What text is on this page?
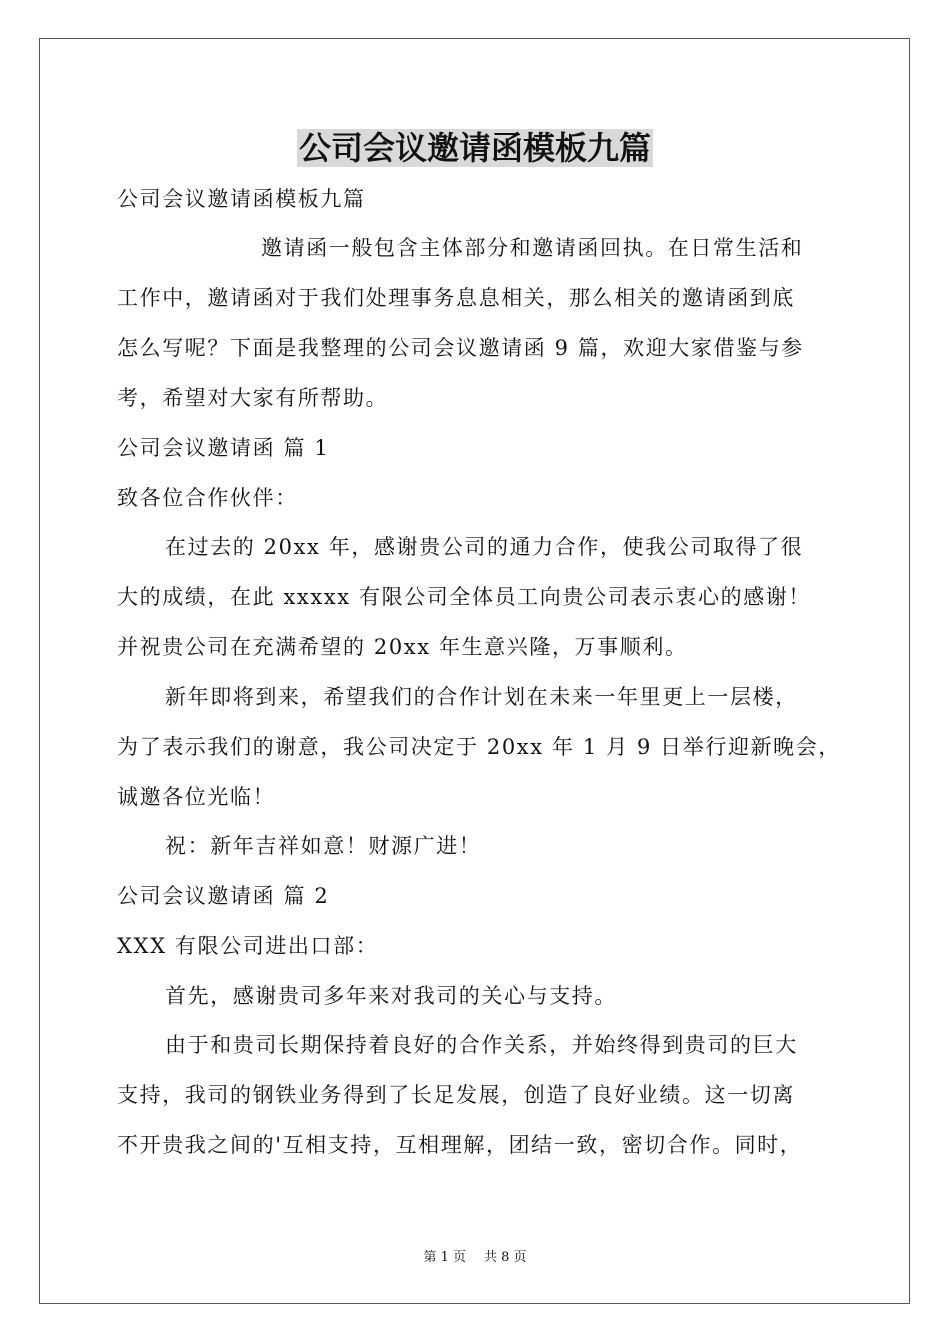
公司会议邀请函模板九篇
公司会议邀请函模板九篇
邀请函一般包含主体部分和邀请函回执。在日常生活和
工作中，邀请函对于我们处理事务息息相关，那么相关的邀请函到底
怎么写呢？下面是我整理的公司会议邀请函 9 篇，欢迎大家借鉴与参
考，希望对大家有所帮助。
公司会议邀请函 篇 1
致各位合作伙伴：
在过去的 20xx 年，感谢贵公司的通力合作，使我公司取得了很
大的成绩，在此 xxxxx 有限公司全体员工向贵公司表示衷心的感谢！
并祝贵公司在充满希望的 20xx 年生意兴隆，万事顺利。
新年即将到来，希望我们的合作计划在未来一年里更上一层楼，
为了表示我们的谢意，我公司决定于 20xx 年 1 月 9 日举行迎新晚会，
诚邀各位光临！
祝：新年吉祥如意！财源广进！
公司会议邀请函 篇 2
XXX 有限公司进出口部：
首先，感谢贵司多年来对我司的关心与支持。
由于和贵司长期保持着良好的合作关系，并始终得到贵司的巨大
支持，我司的钢铁业务得到了长足发展，创造了良好业绩。这一切离
不开贵我之间的'互相支持，互相理解，团结一致，密切合作。同时，
第 1 页 共 8 页
